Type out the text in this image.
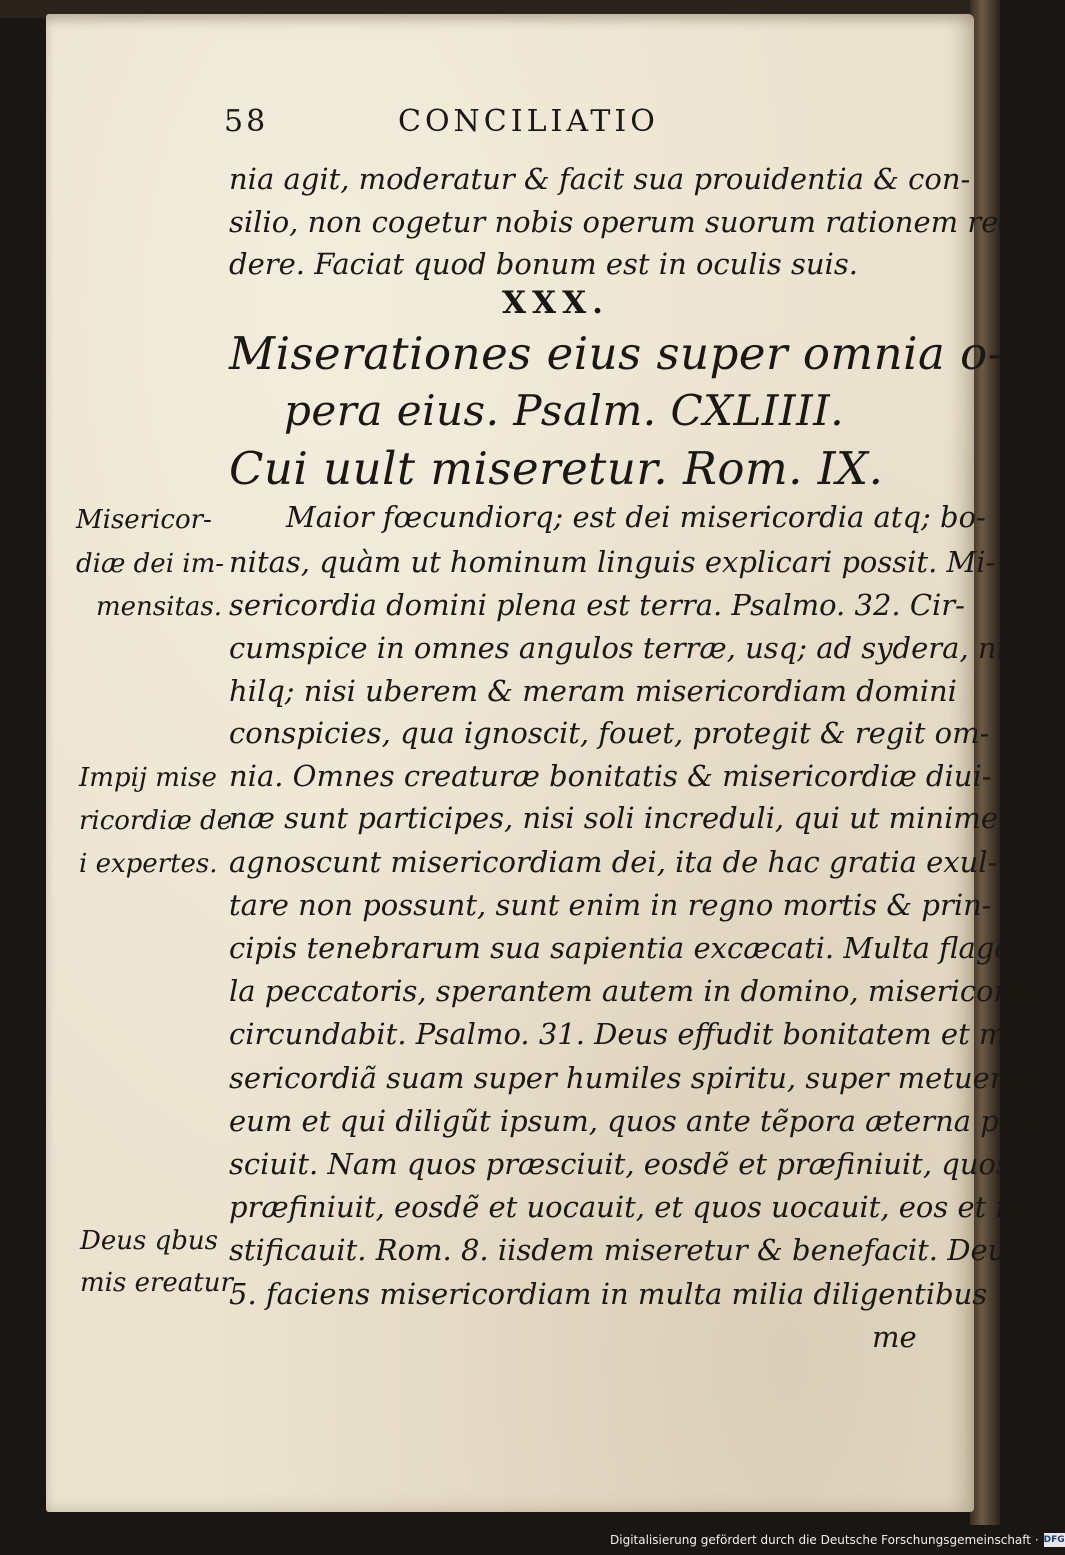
58	CONCILIATIO
nia agit, moderatur & facit sua prouidentia & con-
silio, non cogetur nobis operum suorum rationem red-
dere. Faciat quod bonum est in oculis suis.
XXX.
Miserationes eius super omnia o-
pera eius. Psalm. CXLIIII.
Cui uult miseretur. Rom. IX.
Maior fœcundiorq; est dei misericordia atq; bo-
nitas, quàm ut hominum linguis explicari possit. Mi-
sericordia domini plena est terra. Psalmo. 32. Cir-
cumspice in omnes angulos terræ, usq; ad sydera, ni-
hilq; nisi uberem & meram misericordiam domini
conspicies, qua ignoscit, fouet, protegit & regit om-
nia. Omnes creaturæ bonitatis & misericordiæ diui-
næ sunt participes, nisi soli increduli, qui ut minime
agnoscunt misericordiam dei, ita de hac gratia exul-
tare non possunt, sunt enim in regno mortis & prin-
cipis tenebrarum sua sapientia excæcati. Multa flagel-
la peccatoris, sperantem autem in domino, misericordia
circundabit. Psalmo. 31. Deus effudit bonitatem et mi
sericordiã suam super humiles spiritu, super metuentes
eum et qui diligũt ipsum, quos ante tẽpora æterna præ
sciuit. Nam quos præsciuit, eosdẽ et præfiniuit, quos
præfiniuit, eosdẽ et uocauit, et quos uocauit, eos et iu-
stificauit. Rom. 8. iisdem miseretur & benefacit. Deut.
5. faciens misericordiam in multa milia diligentibus
me
Misericor-
diæ dei im-
mensitas.
Impij mise
ricordiæ de
i expertes.
Deus qbus
mis ereatur
Digitalisierung gefördert durch die Deutsche Forschungsgemeinschaft · DFG
